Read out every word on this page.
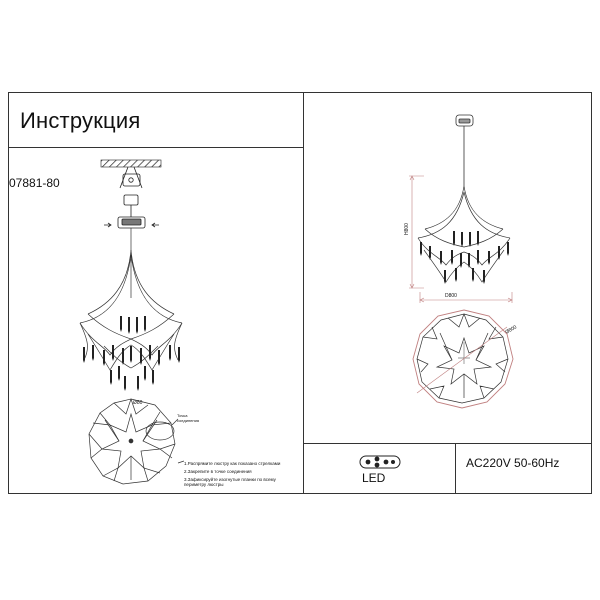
Инструкция
07881-80
LED
AC220V 50-60Hz
D800
H800
Ø800
Ø80
Точка
соединения
1.Распрямите люстру как показано стрелками
2.Закрепите в точке соединения
3.Зафиксируйте изогнутые планки по всему
периметру люстры
